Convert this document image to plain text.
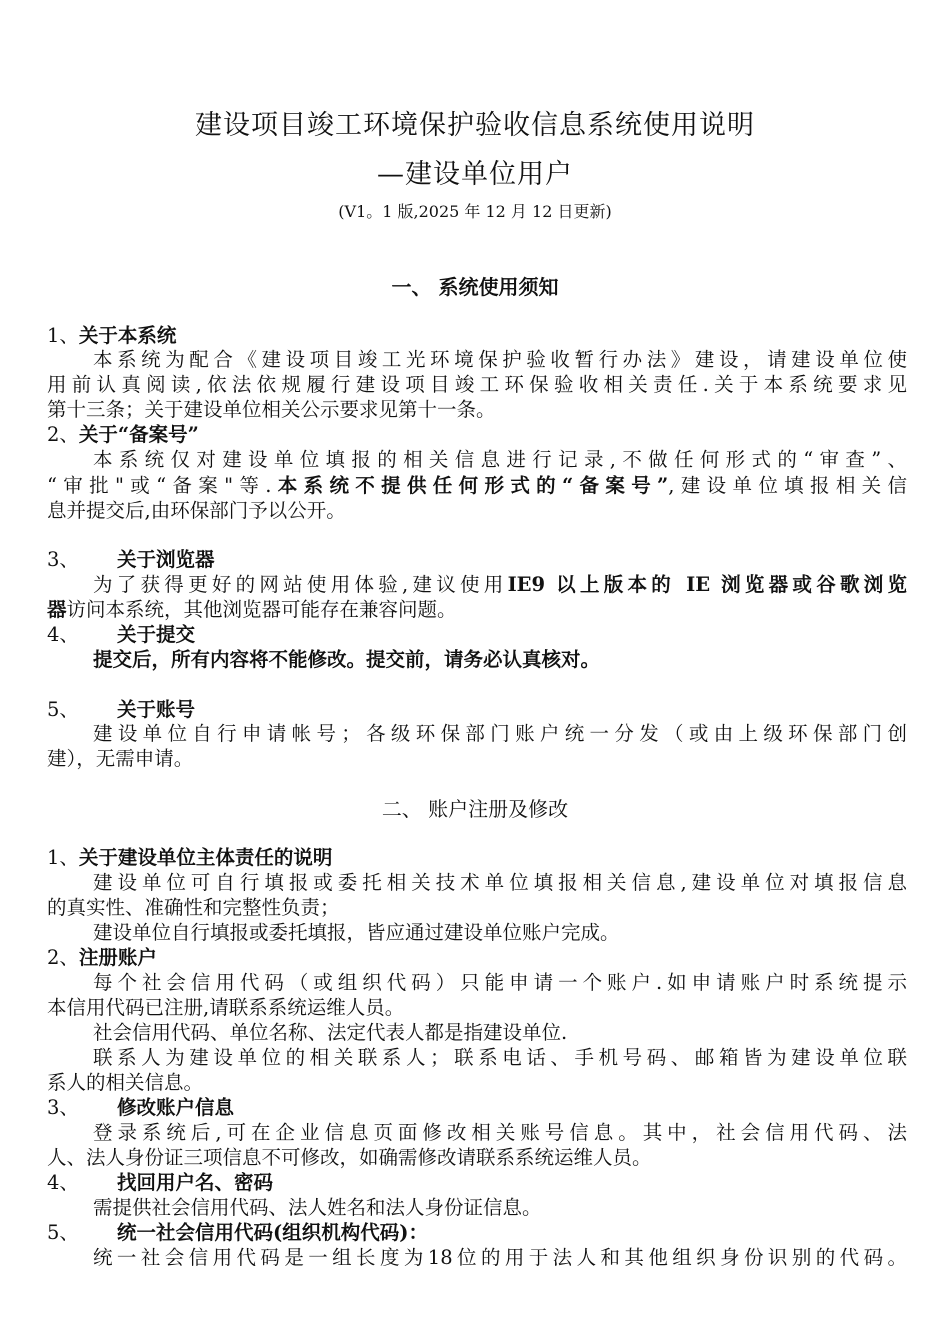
建设项目竣工环境保护验收信息系统使用说明
—建设单位用户
(V1。1 版,2025 年 12 月 12 日更新)
一、 系统使用须知
1、关于本系统
本系统为配合《建设项目竣工光环境保护验收暂行办法》建设，请建设单位使
用前认真阅读,依法依规履行建设项目竣工环保验收相关责任.关于本系统要求见
第十三条；关于建设单位相关公示要求见第十一条。
2、关于“备案号”
本系统仅对建设单位填报的相关信息进行记录,不做任何形式的“审查”、
“审批"或“备案"等.本系统不提供任何形式的“备案号”,建设单位填报相关信
息并提交后,由环保部门予以公开。
3、 关于浏览器
为了获得更好的网站使用体验,建议使用IE9 以上版本的 IE 浏览器或谷歌浏览
器访问本系统，其他浏览器可能存在兼容问题。
4、 关于提交
提交后，所有内容将不能修改。提交前，请务必认真核对。
5、 关于账号
建设单位自行申请帐号；各级环保部门账户统一分发（或由上级环保部门创
建），无需申请。
二、 账户注册及修改
1、关于建设单位主体责任的说明
建设单位可自行填报或委托相关技术单位填报相关信息,建设单位对填报信息
的真实性、准确性和完整性负责；
建设单位自行填报或委托填报，皆应通过建设单位账户完成。
2、注册账户
每个社会信用代码（或组织代码）只能申请一个账户.如申请账户时系统提示
本信用代码已注册,请联系系统运维人员。
社会信用代码、单位名称、法定代表人都是指建设单位.
联系人为建设单位的相关联系人；联系电话、手机号码、邮箱皆为建设单位联
系人的相关信息。
3、 修改账户信息
登录系统后,可在企业信息页面修改相关账号信息。其中，社会信用代码、法
人、法人身份证三项信息不可修改，如确需修改请联系系统运维人员。
4、 找回用户名、密码
需提供社会信用代码、法人姓名和法人身份证信息。
5、 统一社会信用代码(组织机构代码)：
统一社会信用代码是一组长度为18位的用于法人和其他组织身份识别的代码。
